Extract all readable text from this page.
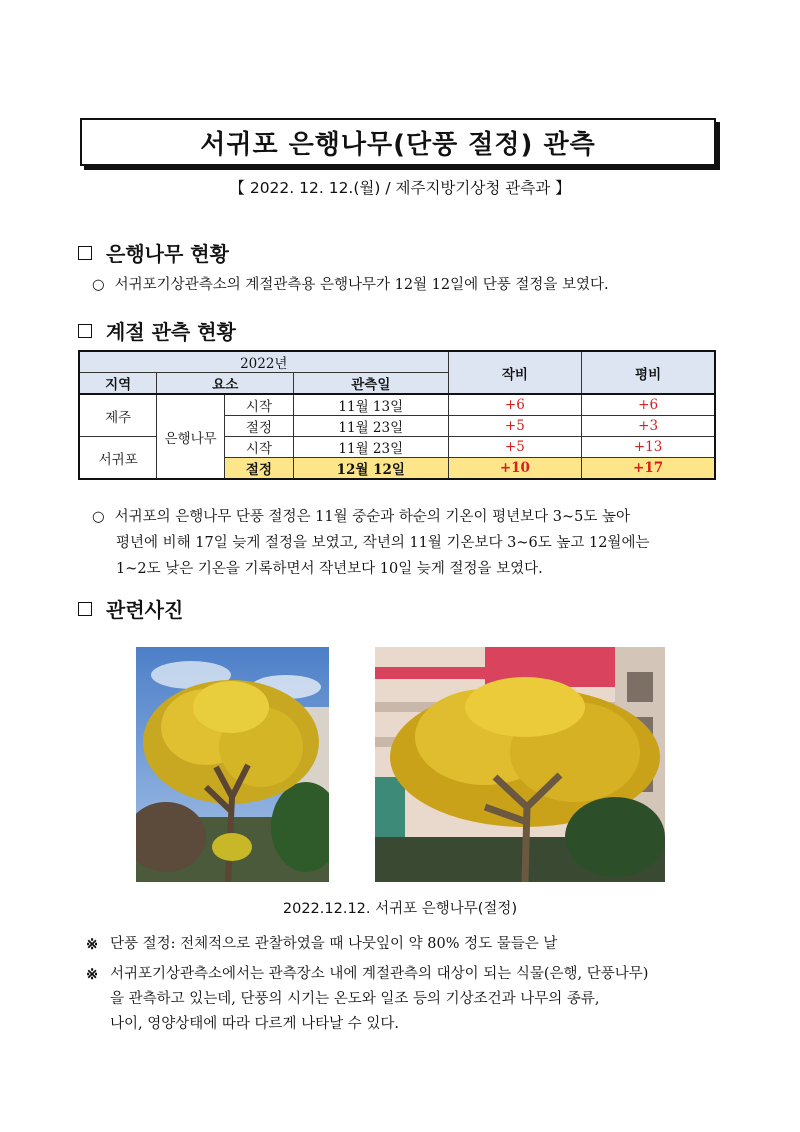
서귀포 은행나무(단풍 절정) 관측
【 2022. 12. 12.(월) / 제주지방기상청 관측과 】
은행나무 현황
○ 서귀포기상관측소의 계절관측용 은행나무가 12월 12일에 단풍 절정을 보였다.
계절 관측 현황
2022년				작비	평비
지역	요소		관측일		
제주	은행나무	시작	11월 13일	+6	+6
		절정	11월 23일	+5	+3
서귀포		시작	11월 23일	+5	+13
		절정	12월 12일	+10	+17
○ 서귀포의 은행나무 단풍 절정은 11월 중순과 하순의 기온이 평년보다 3~5도 높아
평년에 비해 17일 늦게 절정을 보였고, 작년의 11월 기온보다 3~6도 높고 12월에는
1~2도 낮은 기온을 기록하면서 작년보다 10일 늦게 절정을 보였다.
관련사진
2022.12.12. 서귀포 은행나무(절정)
※ 단풍 절정: 전체적으로 관찰하였을 때 나뭇잎이 약 80% 정도 물들은 날
※ 서귀포기상관측소에서는 관측장소 내에 계절관측의 대상이 되는 식물(은행, 단풍나무)
을 관측하고 있는데, 단풍의 시기는 온도와 일조 등의 기상조건과 나무의 종류,
나이, 영양상태에 따라 다르게 나타날 수 있다.
